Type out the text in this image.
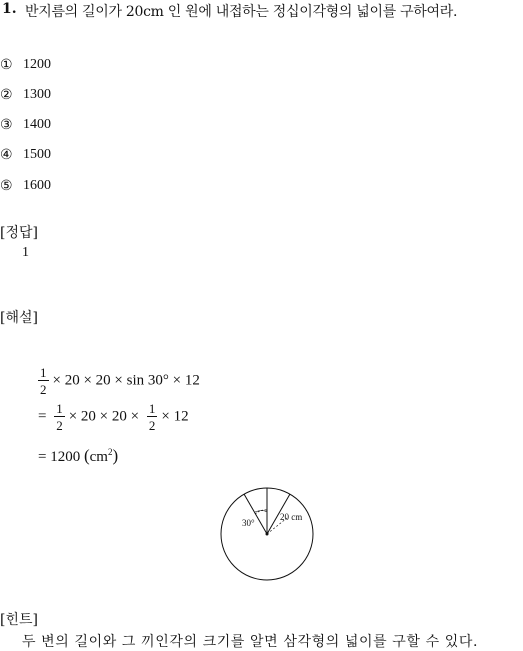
1. 반지름의 길이가 20cm 인 원에 내접하는 정십이각형의 넓이를 구하여라.
① 1200
② 1300
③ 1400
④ 1500
⑤ 1600
[정답]
1
[해설]
$\frac{1}{2} \times 20 \times 20 \times \sin 30^\circ \times 12$
= $\frac{1}{2} \times 20 \times 20 \times \frac{1}{2} \times 12$
= 1200 $(cm^2)$
30°
20 cm
[힌트]
두 변의 길이와 그 끼인각의 크기를 알면 삼각형의 넓이를 구할 수 있다.
